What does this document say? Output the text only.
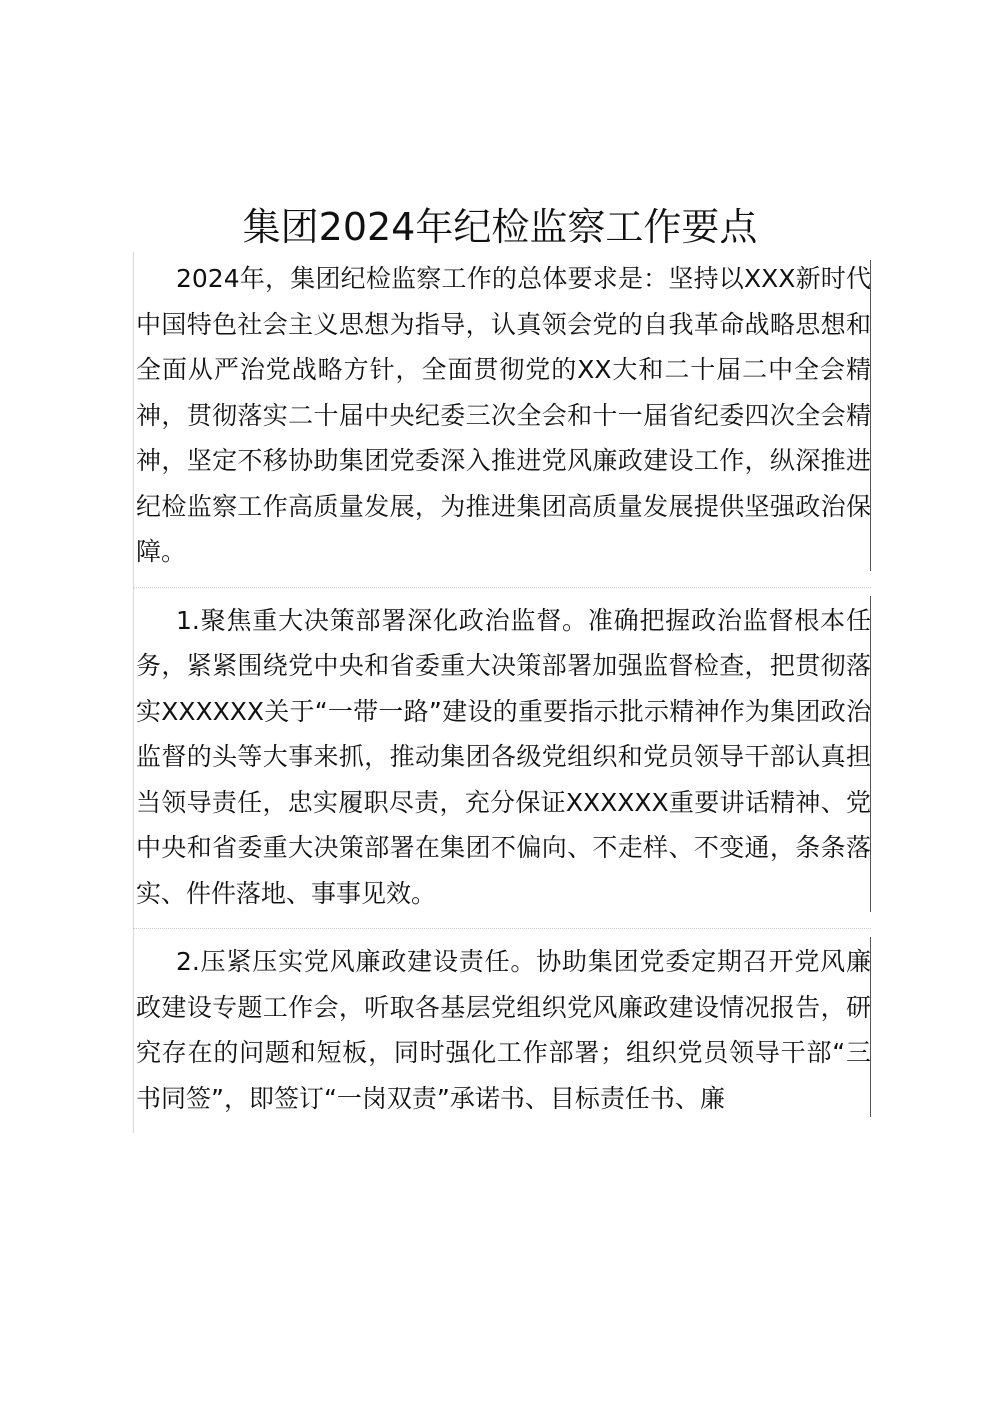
集团2024年纪检监察工作要点

2024年，集团纪检监察工作的总体要求是：坚持以XXX新时代中国特色社会主义思想为指导，认真领会党的自我革命战略思想和全面从严治党战略方针，全面贯彻党的XX大和二十届二中全会精神，贯彻落实二十届中央纪委三次全会和十一届省纪委四次全会精神，坚定不移协助集团党委深入推进党风廉政建设工作，纵深推进纪检监察工作高质量发展，为推进集团高质量发展提供坚强政治保障。

1.聚焦重大决策部署深化政治监督。准确把握政治监督根本任务，紧紧围绕党中央和省委重大决策部署加强监督检查，把贯彻落实XXXXXX关于“一带一路”建设的重要指示批示精神作为集团政治监督的头等大事来抓，推动集团各级党组织和党员领导干部认真担当领导责任，忠实履职尽责，充分保证XXXXXX重要讲话精神、党中央和省委重大决策部署在集团不偏向、不走样、不变通，条条落实、件件落地、事事见效。

2.压紧压实党风廉政建设责任。协助集团党委定期召开党风廉政建设专题工作会，听取各基层党组织党风廉政建设情况报告，研究存在的问题和短板，同时强化工作部署；组织党员领导干部“三书同签”，即签订“一岗双责”承诺书、目标责任书、廉
